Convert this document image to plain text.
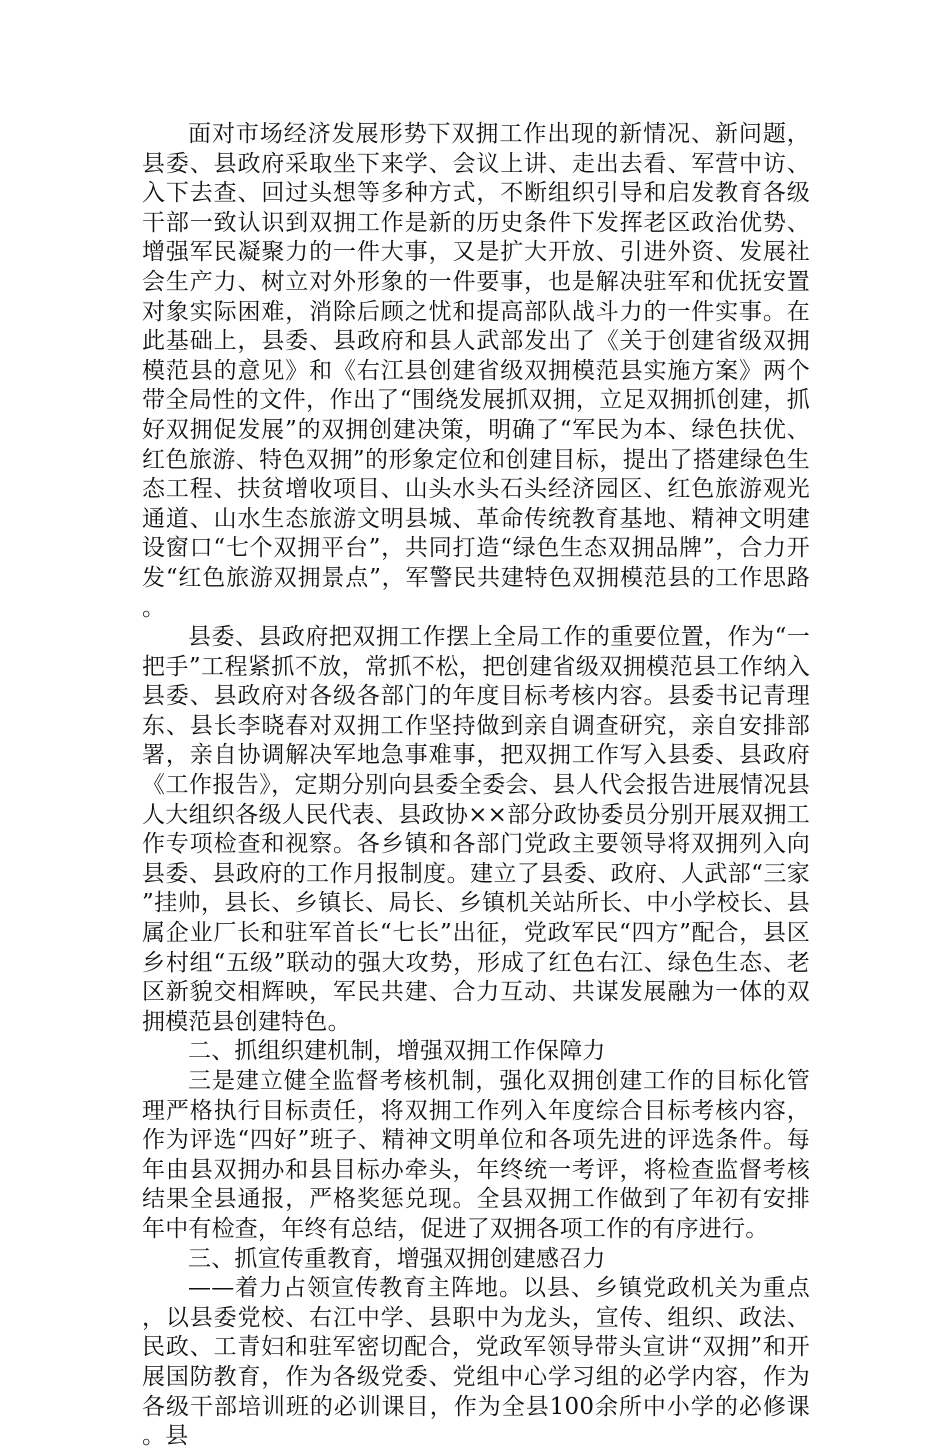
面对市场经济发展形势下双拥工作出现的新情况、新问题，县委、县政府采取坐下来学、会议上讲、走出去看、军营中访、入下去查、回过头想等多种方式，不断组织引导和启发教育各级干部一致认识到双拥工作是新的历史条件下发挥老区政治优势、增强军民凝聚力的一件大事，又是扩大开放、引进外资、发展社会生产力、树立对外形象的一件要事，也是解决驻军和优抚安置对象实际困难，消除后顾之忧和提高部队战斗力的一件实事。在此基础上，县委、县政府和县人武部发出了《关于创建省级双拥模范县的意见》和《右江县创建省级双拥模范县实施方案》两个带全局性的文件，作出了“围绕发展抓双拥，立足双拥抓创建，抓好双拥促发展”的双拥创建决策，明确了“军民为本、绿色扶优、红色旅游、特色双拥”的形象定位和创建目标，提出了搭建绿色生态工程、扶贫增收项目、山头水头石头经济园区、红色旅游观光通道、山水生态旅游文明县城、革命传统教育基地、精神文明建设窗口“七个双拥平台”，共同打造“绿色生态双拥品牌”，合力开发“红色旅游双拥景点”，军警民共建特色双拥模范县的工作思路。

县委、县政府把双拥工作摆上全局工作的重要位置，作为“一把手”工程紧抓不放，常抓不松，把创建省级双拥模范县工作纳入县委、县政府对各级各部门的年度目标考核内容。县委书记青理东、县长李晓春对双拥工作坚持做到亲自调查研究，亲自安排部署，亲自协调解决军地急事难事，把双拥工作写入县委、县政府《工作报告》，定期分别向县委全委会、县人代会报告进展情况县人大组织各级人民代表、县政协××部分政协委员分别开展双拥工作专项检查和视察。各乡镇和各部门党政主要领导将双拥列入向县委、县政府的工作月报制度。建立了县委、政府、人武部“三家”挂帅，县长、乡镇长、局长、乡镇机关站所长、中小学校长、县属企业厂长和驻军首长“七长”出征，党政军民“四方”配合，县区乡村组“五级”联动的强大攻势，形成了红色右江、绿色生态、老区新貌交相辉映，军民共建、合力互动、共谋发展融为一体的双拥模范县创建特色。

二、抓组织建机制，增强双拥工作保障力

三是建立健全监督考核机制，强化双拥创建工作的目标化管理严格执行目标责任，将双拥工作列入年度综合目标考核内容，作为评选“四好”班子、精神文明单位和各项先进的评选条件。每年由县双拥办和县目标办牵头，年终统一考评，将检查监督考核结果全县通报，严格奖惩兑现。全县双拥工作做到了年初有安排年中有检查，年终有总结，促进了双拥各项工作的有序进行。

三、抓宣传重教育，增强双拥创建感召力

——着力占领宣传教育主阵地。以县、乡镇党政机关为重点，以县委党校、右江中学、县职中为龙头，宣传、组织、政法、民政、工青妇和驻军密切配合，党政军领导带头宣讲“双拥”和开展国防教育，作为各级党委、党组中心学习组的必学内容，作为各级干部培训班的必训课目，作为全县100余所中小学的必修课。县
